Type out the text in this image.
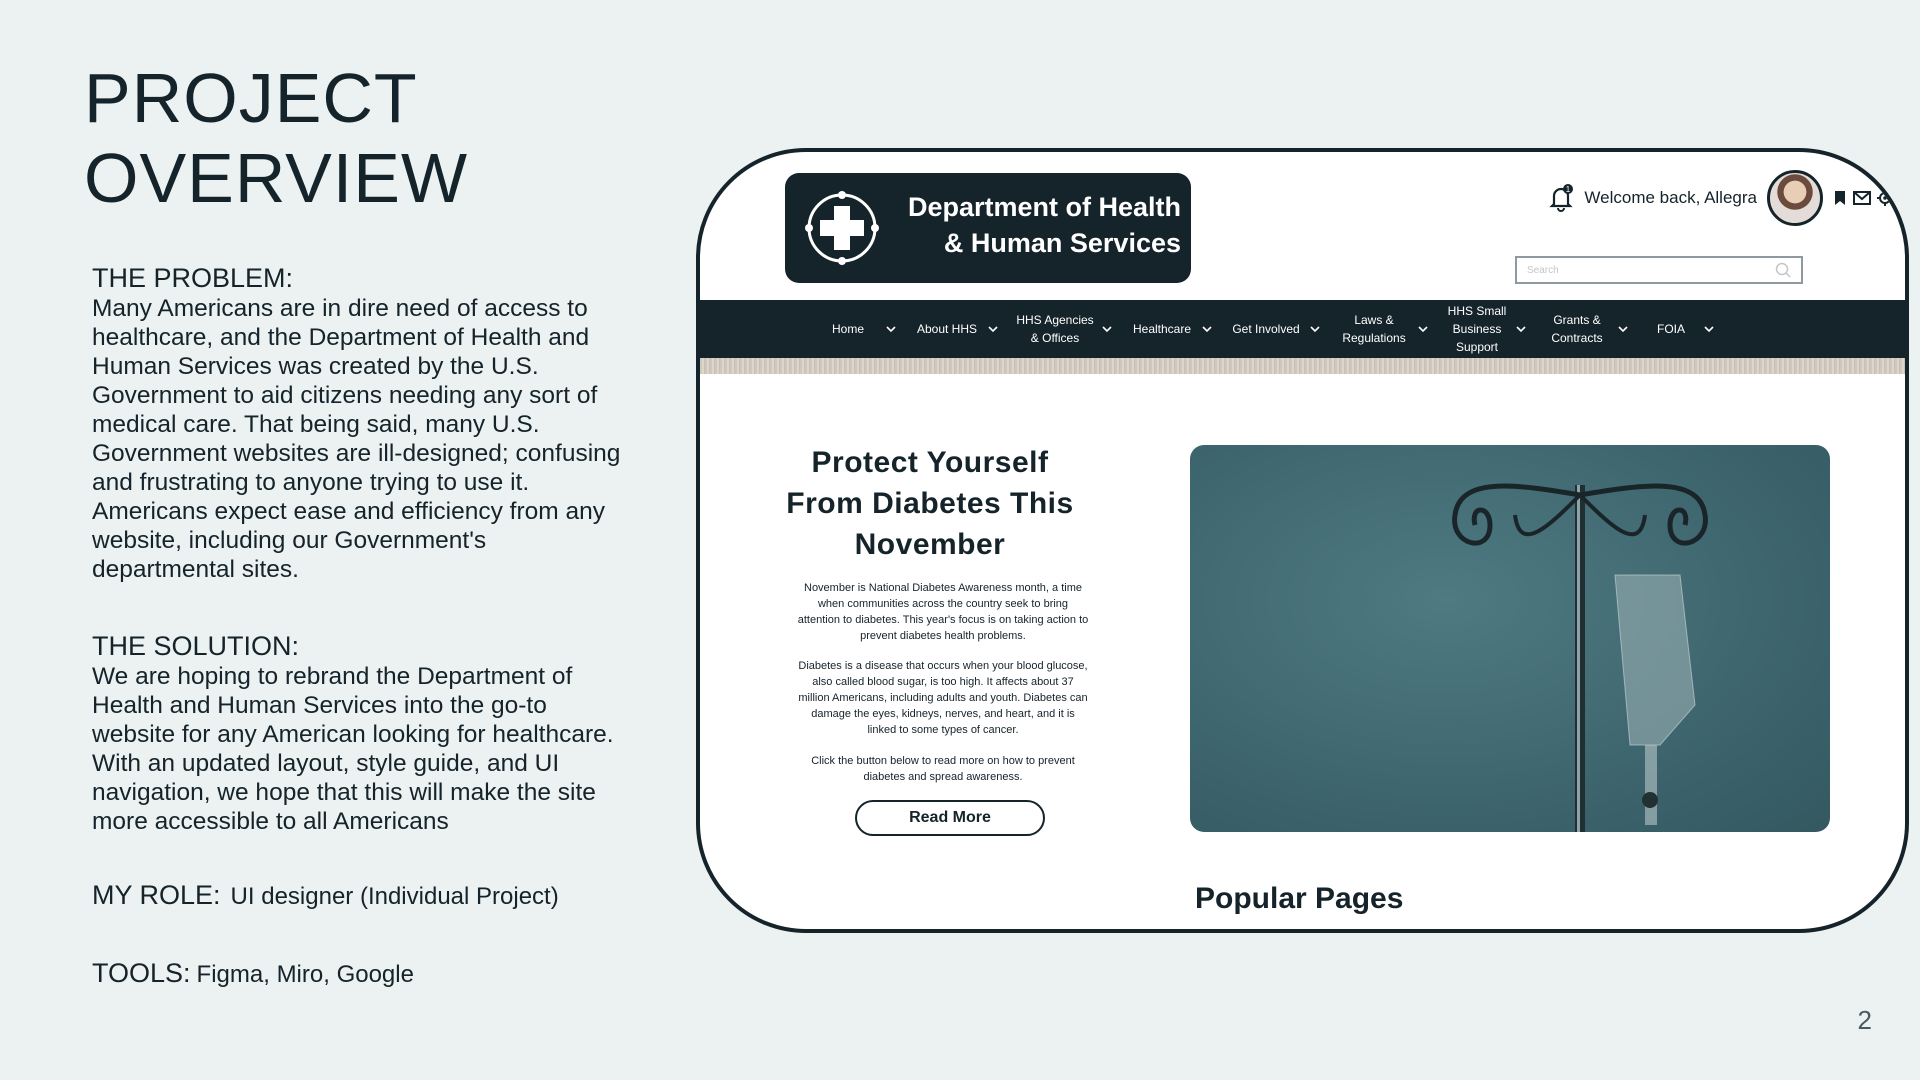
PROJECT
OVERVIEW
THE PROBLEM:
Many Americans are in dire need of access to healthcare, and the Department of Health and Human Services was created by the U.S. Government to aid citizens needing any sort of medical care. That being said, many U.S. Government websites are ill-designed; confusing and frustrating to anyone trying to use it. Americans expect ease and efficiency from any website, including our Government's departmental sites.
THE SOLUTION:
We are hoping to rebrand the Department of Health and Human Services into the go-to website for any American looking for healthcare. With an updated layout, style guide, and UI navigation, we hope that this will make the site more accessible to all Americans
MY ROLE: UI designer (Individual Project)
TOOLS: Figma, Miro, Google
2
Department of Health
& Human Services
1 Welcome back, Allegra
Search
Home	About HHS
HHS Agencies & Offices
Healthcare	Get Involved
Laws & Regulations
HHS Small Business Support
Grants & Contracts
FOIA
Protect Yourself From Diabetes This November

November is National Diabetes Awareness month, a time when communities across the country seek to bring attention to diabetes. This year's focus is on taking action to prevent diabetes health problems.

Diabetes is a disease that occurs when your blood glucose, also called blood sugar, is too high. It affects about 37 million Americans, including adults and youth. Diabetes can damage the eyes, kidneys, nerves, and heart, and it is linked to some types of cancer.

Click the button below to read more on how to prevent diabetes and spread awareness.

Read More
Popular Pages
